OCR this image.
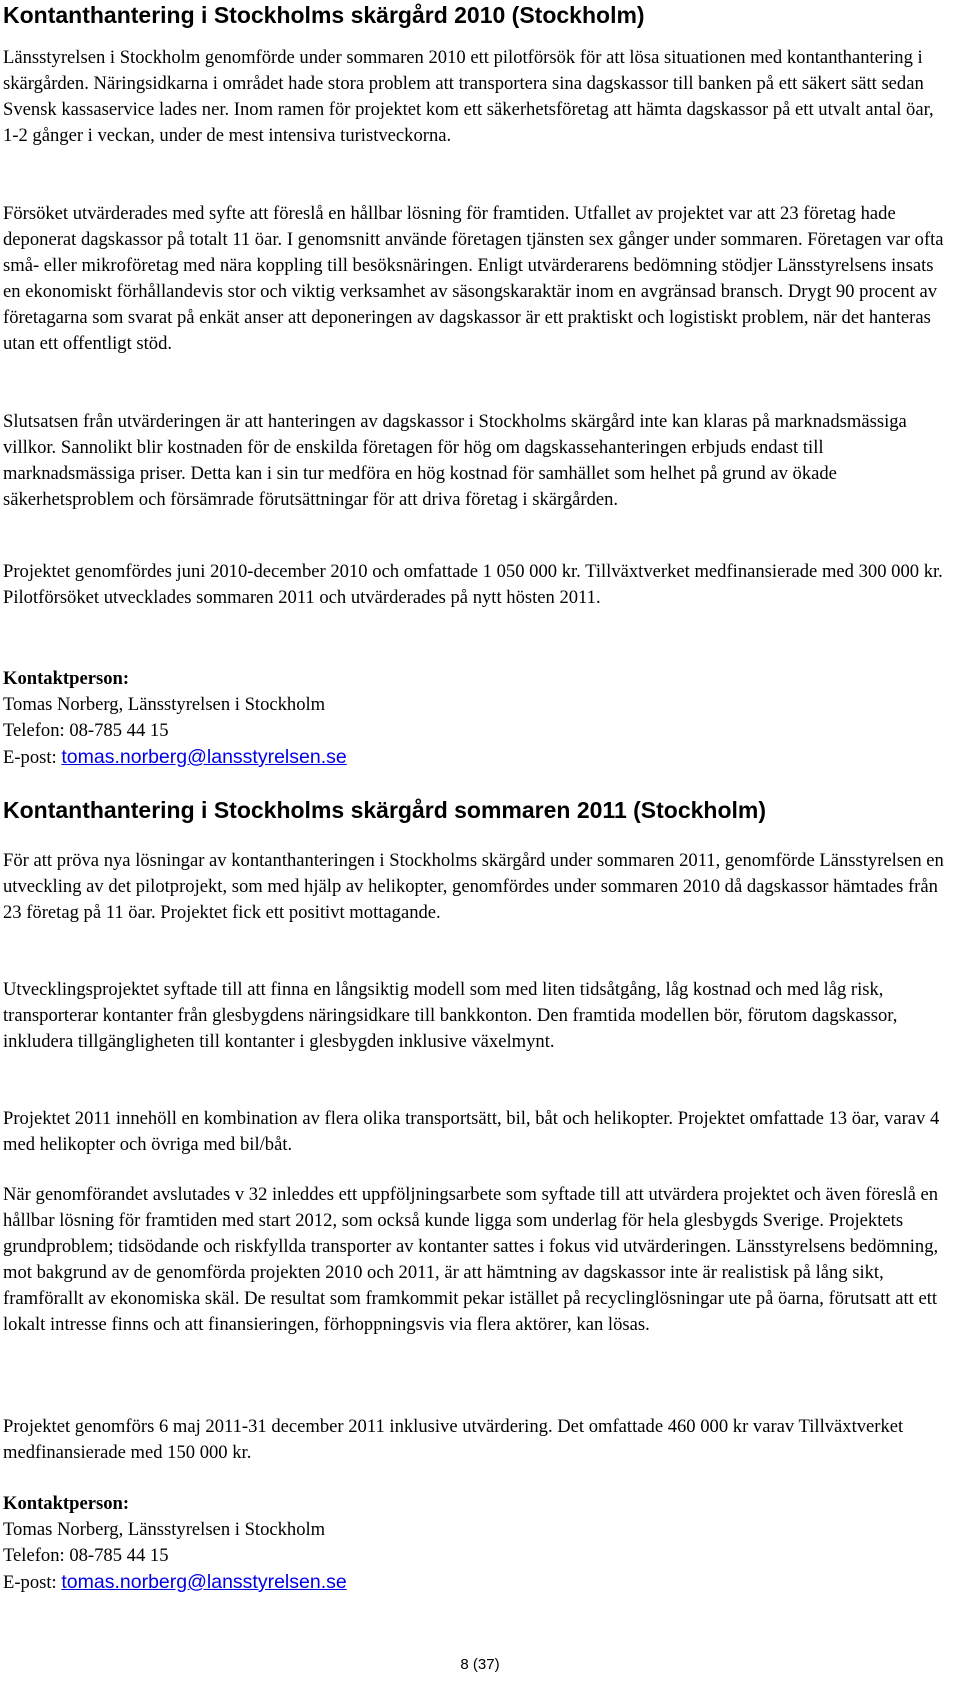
Kontanthantering i Stockholms skärgård 2010 (Stockholm)

Länsstyrelsen i Stockholm genomförde under sommaren 2010 ett pilotförsök för att lösa situationen med kontanthantering i skärgården. Näringsidkarna i området hade stora problem att transportera sina dagskassor till banken på ett säkert sätt sedan Svensk kassaservice lades ner. Inom ramen för projektet kom ett säkerhetsföretag att hämta dagskassor på ett utvalt antal öar, 1-2 gånger i veckan, under de mest intensiva turistveckorna.

Försöket utvärderades med syfte att föreslå en hållbar lösning för framtiden. Utfallet av projektet var att 23 företag hade deponerat dagskassor på totalt 11 öar. I genomsnitt använde företagen tjänsten sex gånger under sommaren. Företagen var ofta små- eller mikroföretag med nära koppling till besöksnäringen. Enligt utvärderarens bedömning stödjer Länsstyrelsens insats en ekonomiskt förhållandevis stor och viktig verksamhet av säsongskaraktär inom en avgränsad bransch. Drygt 90 procent av företagarna som svarat på enkät anser att deponeringen av dagskassor är ett praktiskt och logistiskt problem, när det hanteras utan ett offentligt stöd.

Slutsatsen från utvärderingen är att hanteringen av dagskassor i Stockholms skärgård inte kan klaras på marknadsmässiga villkor. Sannolikt blir kostnaden för de enskilda företagen för hög om dagskassehanteringen erbjuds endast till marknadsmässiga priser. Detta kan i sin tur medföra en hög kostnad för samhället som helhet på grund av ökade säkerhetsproblem och försämrade förutsättningar för att driva företag i skärgården.

Projektet genomfördes juni 2010-december 2010 och omfattade 1 050 000 kr. Tillväxtverket medfinansierade med 300 000 kr. Pilotförsöket utvecklades sommaren 2011 och utvärderades på nytt hösten 2011.

Kontaktperson:
Tomas Norberg, Länsstyrelsen i Stockholm
Telefon: 08-785 44 15
E-post: tomas.norberg@lansstyrelsen.se
Kontanthantering i Stockholms skärgård sommaren 2011 (Stockholm)

För att pröva nya lösningar av kontanthanteringen i Stockholms skärgård under sommaren 2011, genomförde Länsstyrelsen en utveckling av det pilotprojekt, som med hjälp av helikopter, genomfördes under sommaren 2010 då dagskassor hämtades från 23 företag på 11 öar. Projektet fick ett positivt mottagande.

Utvecklingsprojektet syftade till att finna en långsiktig modell som med liten tidsåtgång, låg kostnad och med låg risk, transporterar kontanter från glesbygdens näringsidkare till bankkonton. Den framtida modellen bör, förutom dagskassor, inkludera tillgängligheten till kontanter i glesbygden inklusive växelmynt.

Projektet 2011 innehöll en kombination av flera olika transportsätt, bil, båt och helikopter. Projektet omfattade 13 öar, varav 4 med helikopter och övriga med bil/båt.

När genomförandet avslutades v 32 inleddes ett uppföljningsarbete som syftade till att utvärdera projektet och även föreslå en hållbar lösning för framtiden med start 2012, som också kunde ligga som underlag för hela glesbygds Sverige. Projektets grundproblem; tidsödande och riskfyllda transporter av kontanter sattes i fokus vid utvärderingen. Länsstyrelsens bedömning, mot bakgrund av de genomförda projekten 2010 och 2011, är att hämtning av dagskassor inte är realistisk på lång sikt, framförallt av ekonomiska skäl. De resultat som framkommit pekar istället på recyclinglösningar ute på öarna, förutsatt att ett lokalt intresse finns och att finansieringen, förhoppningsvis via flera aktörer, kan lösas.

Projektet genomförs 6 maj 2011-31 december 2011 inklusive utvärdering. Det omfattade 460 000 kr varav Tillväxtverket medfinansierade med 150 000 kr.

Kontaktperson:
Tomas Norberg, Länsstyrelsen i Stockholm
Telefon: 08-785 44 15
E-post: tomas.norberg@lansstyrelsen.se
8 (37)
